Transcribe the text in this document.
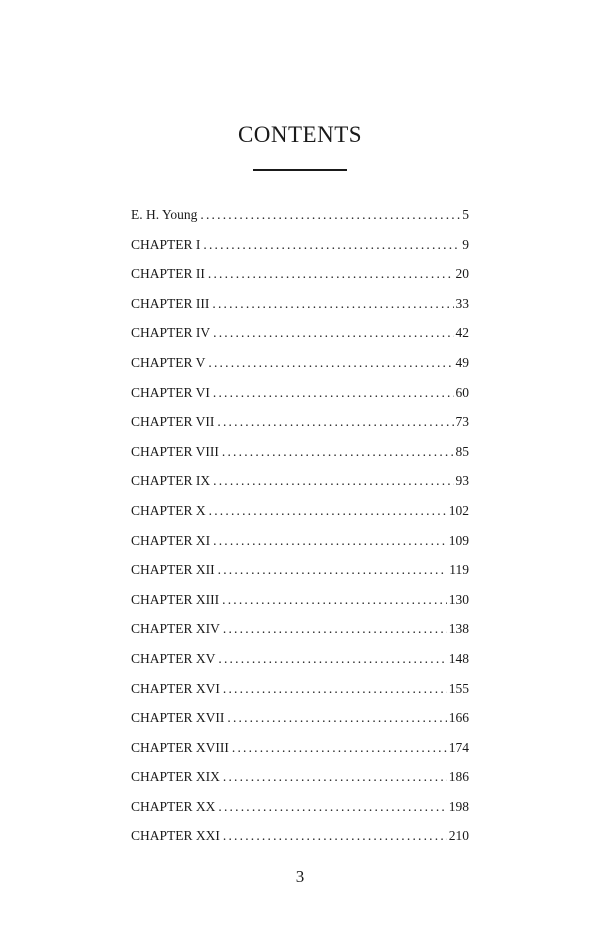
CONTENTS
E. H. Young .....	5
CHAPTER I .....	9
CHAPTER II .....	20
CHAPTER III .....	33
CHAPTER IV .....	42
CHAPTER V .....	49
CHAPTER VI .....	60
CHAPTER VII .....	73
CHAPTER VIII .....	85
CHAPTER IX .....	93
CHAPTER X .....	102
CHAPTER XI .....	109
CHAPTER XII .....	119
CHAPTER XIII .....	130
CHAPTER XIV .....	138
CHAPTER XV .....	148
CHAPTER XVI .....	155
CHAPTER XVII .....	166
CHAPTER XVIII .....	174
CHAPTER XIX .....	186
CHAPTER XX .....	198
CHAPTER XXI .....	210
3
